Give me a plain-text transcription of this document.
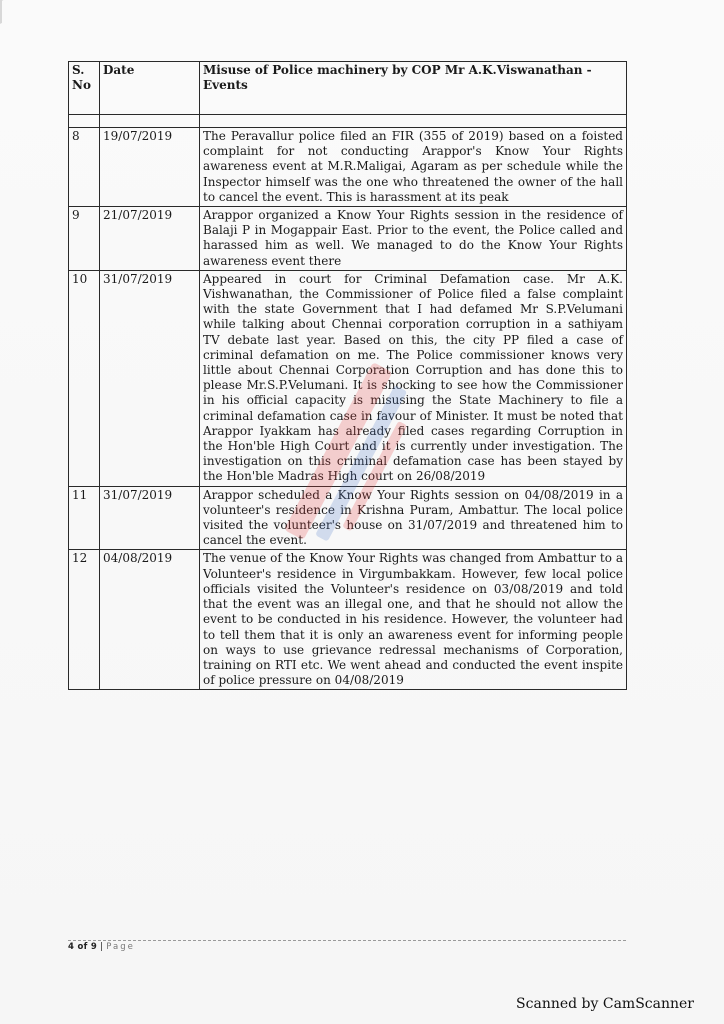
S. No	Date	Misuse of Police machinery by COP Mr A.K.Viswanathan - Events

8	19/07/2019	The Peravallur police filed an FIR (355 of 2019) based on a foisted complaint for not conducting Arappor's Know Your Rights awareness event at M.R.Maligai, Agaram as per schedule while the Inspector himself was the one who threatened the owner of the hall to cancel the event. This is harassment at its peak
9	21/07/2019	Arappor organized a Know Your Rights session in the residence of Balaji P in Mogappair East. Prior to the event, the Police called and harassed him as well. We managed to do the Know Your Rights awareness event there
10	31/07/2019	Appeared in court for Criminal Defamation case. Mr A.K. Vishwanathan, the Commissioner of Police filed a false complaint with the state Government that I had defamed Mr S.P.Velumani while talking about Chennai corporation corruption in a sathiyam TV debate last year. Based on this, the city PP filed a case of criminal defamation on me. The Police commissioner knows very little about Chennai Corporation Corruption and has done this to please Mr.S.P.Velumani. It is shocking to see how the Commissioner in his official capacity is misusing the State Machinery to file a criminal defamation case in favour of Minister. It must be noted that Arappor Iyakkam has already filed cases regarding Corruption in the Hon'ble High Court and it is currently under investigation. The investigation on this criminal defamation case has been stayed by the Hon'ble Madras High court on 26/08/2019
11	31/07/2019	Arappor scheduled a Know Your Rights session on 04/08/2019 in a volunteer's residence in Krishna Puram, Ambattur. The local police visited the volunteer's house on 31/07/2019 and threatened him to cancel the event.
12	04/08/2019	The venue of the Know Your Rights was changed from Ambattur to a Volunteer's residence in Virgumbakkam. However, few local police officials visited the Volunteer's residence on 03/08/2019 and told that the event was an illegal one, and that he should not allow the event to be conducted in his residence. However, the volunteer had to tell them that it is only an awareness event for informing people on ways to use grievance redressal mechanisms of Corporation, training on RTI etc. We went ahead and conducted the event inspite of police pressure on 04/08/2019
4 of 9 | Page
Scanned by CamScanner
